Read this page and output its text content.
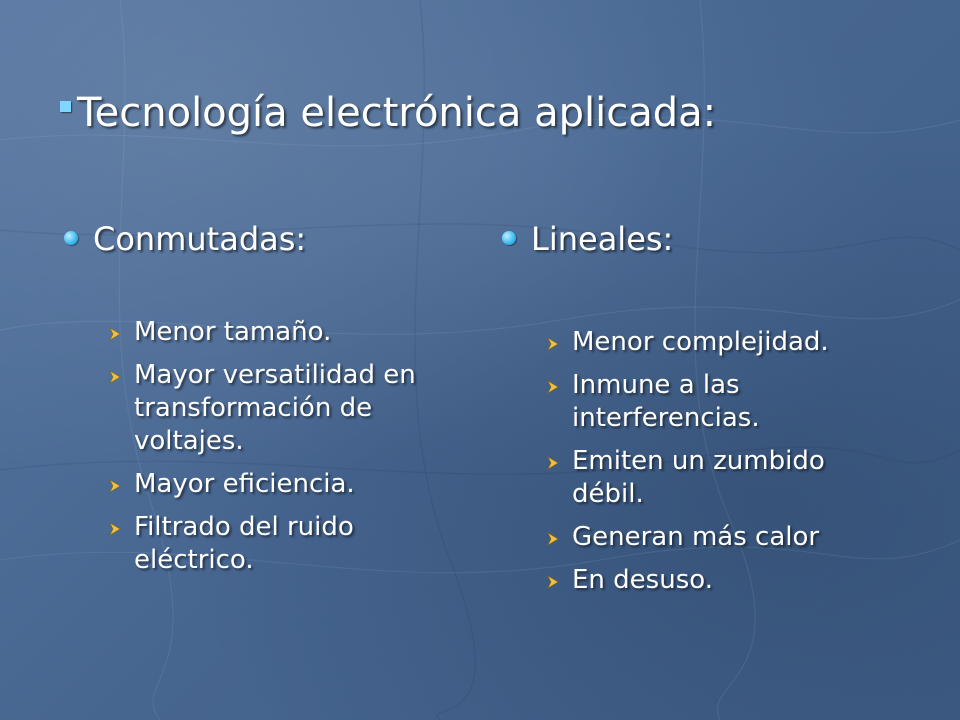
Tecnología electrónica aplicada:
Conmutadas:
Menor tamaño.
Mayor versatilidad en transformación de voltajes.
Mayor eficiencia.
Filtrado del ruido eléctrico.
Lineales:
Menor complejidad.
Inmune a las interferencias.
Emiten un zumbido débil.
Generan más calor
En desuso.
